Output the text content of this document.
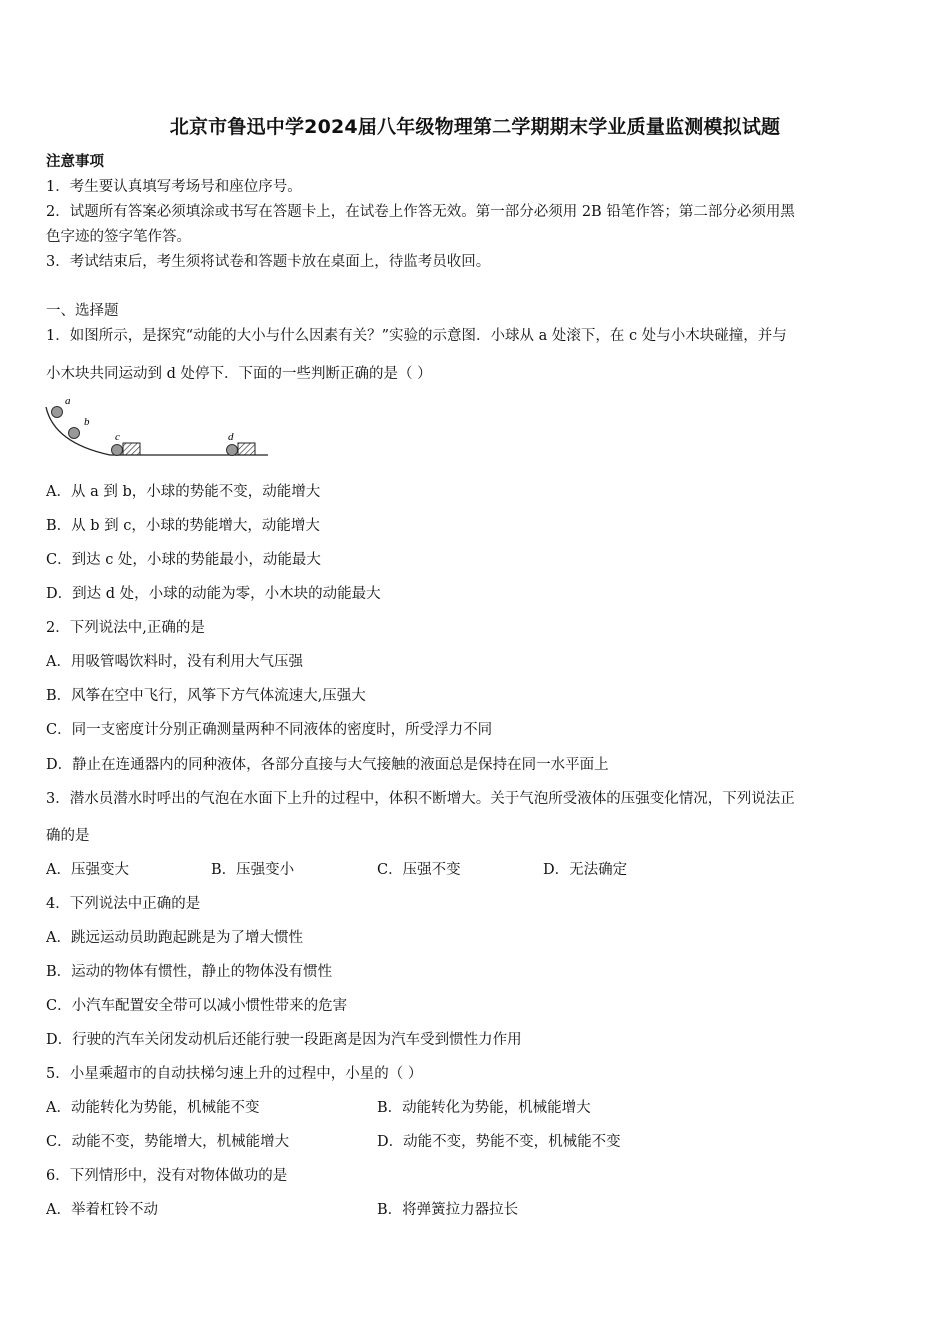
北京市鲁迅中学2024届八年级物理第二学期期末学业质量监测模拟试题
注意事项
1．考生要认真填写考场号和座位序号。
2．试题所有答案必须填涂或书写在答题卡上，在试卷上作答无效。第一部分必须用 2B 铅笔作答；第二部分必须用黑
色字迹的签字笔作答。
3．考试结束后，考生须将试卷和答题卡放在桌面上，待监考员收回。
一、选择题
1．如图所示，是探究“动能的大小与什么因素有关？”实验的示意图．小球从 a 处滚下，在 c 处与小木块碰撞，并与
小木块共同运动到 d 处停下．下面的一些判断正确的是（ ）
a
b
c	d
A．从 a 到 b，小球的势能不变，动能增大
B．从 b 到 c，小球的势能增大，动能增大
C．到达 c 处，小球的势能最小，动能最大
D．到达 d 处，小球的动能为零，小木块的动能最大
2．下列说法中,正确的是
A．用吸管喝饮料时，没有利用大气压强
B．风筝在空中飞行，风筝下方气体流速大,压强大
C．同一支密度计分别正确测量两种不同液体的密度时，所受浮力不同
D．静止在连通器内的同种液体，各部分直接与大气接触的液面总是保持在同一水平面上
3．潜水员潜水时呼出的气泡在水面下上升的过程中，体积不断增大。关于气泡所受液体的压强变化情况，下列说法正
确的是
A．压强变大	B．压强变小	C．压强不变	D．无法确定
4．下列说法中正确的是
A．跳远运动员助跑起跳是为了增大惯性
B．运动的物体有惯性，静止的物体没有惯性
C．小汽车配置安全带可以减小惯性带来的危害
D．行驶的汽车关闭发动机后还能行驶一段距离是因为汽车受到惯性力作用
5．小星乘超市的自动扶梯匀速上升的过程中，小星的（ ）
A．动能转化为势能，机械能不变	B．动能转化为势能，机械能增大
C．动能不变，势能增大，机械能增大	D．动能不变，势能不变，机械能不变
6．下列情形中，没有对物体做功的是
A．举着杠铃不动	B．将弹簧拉力器拉长
